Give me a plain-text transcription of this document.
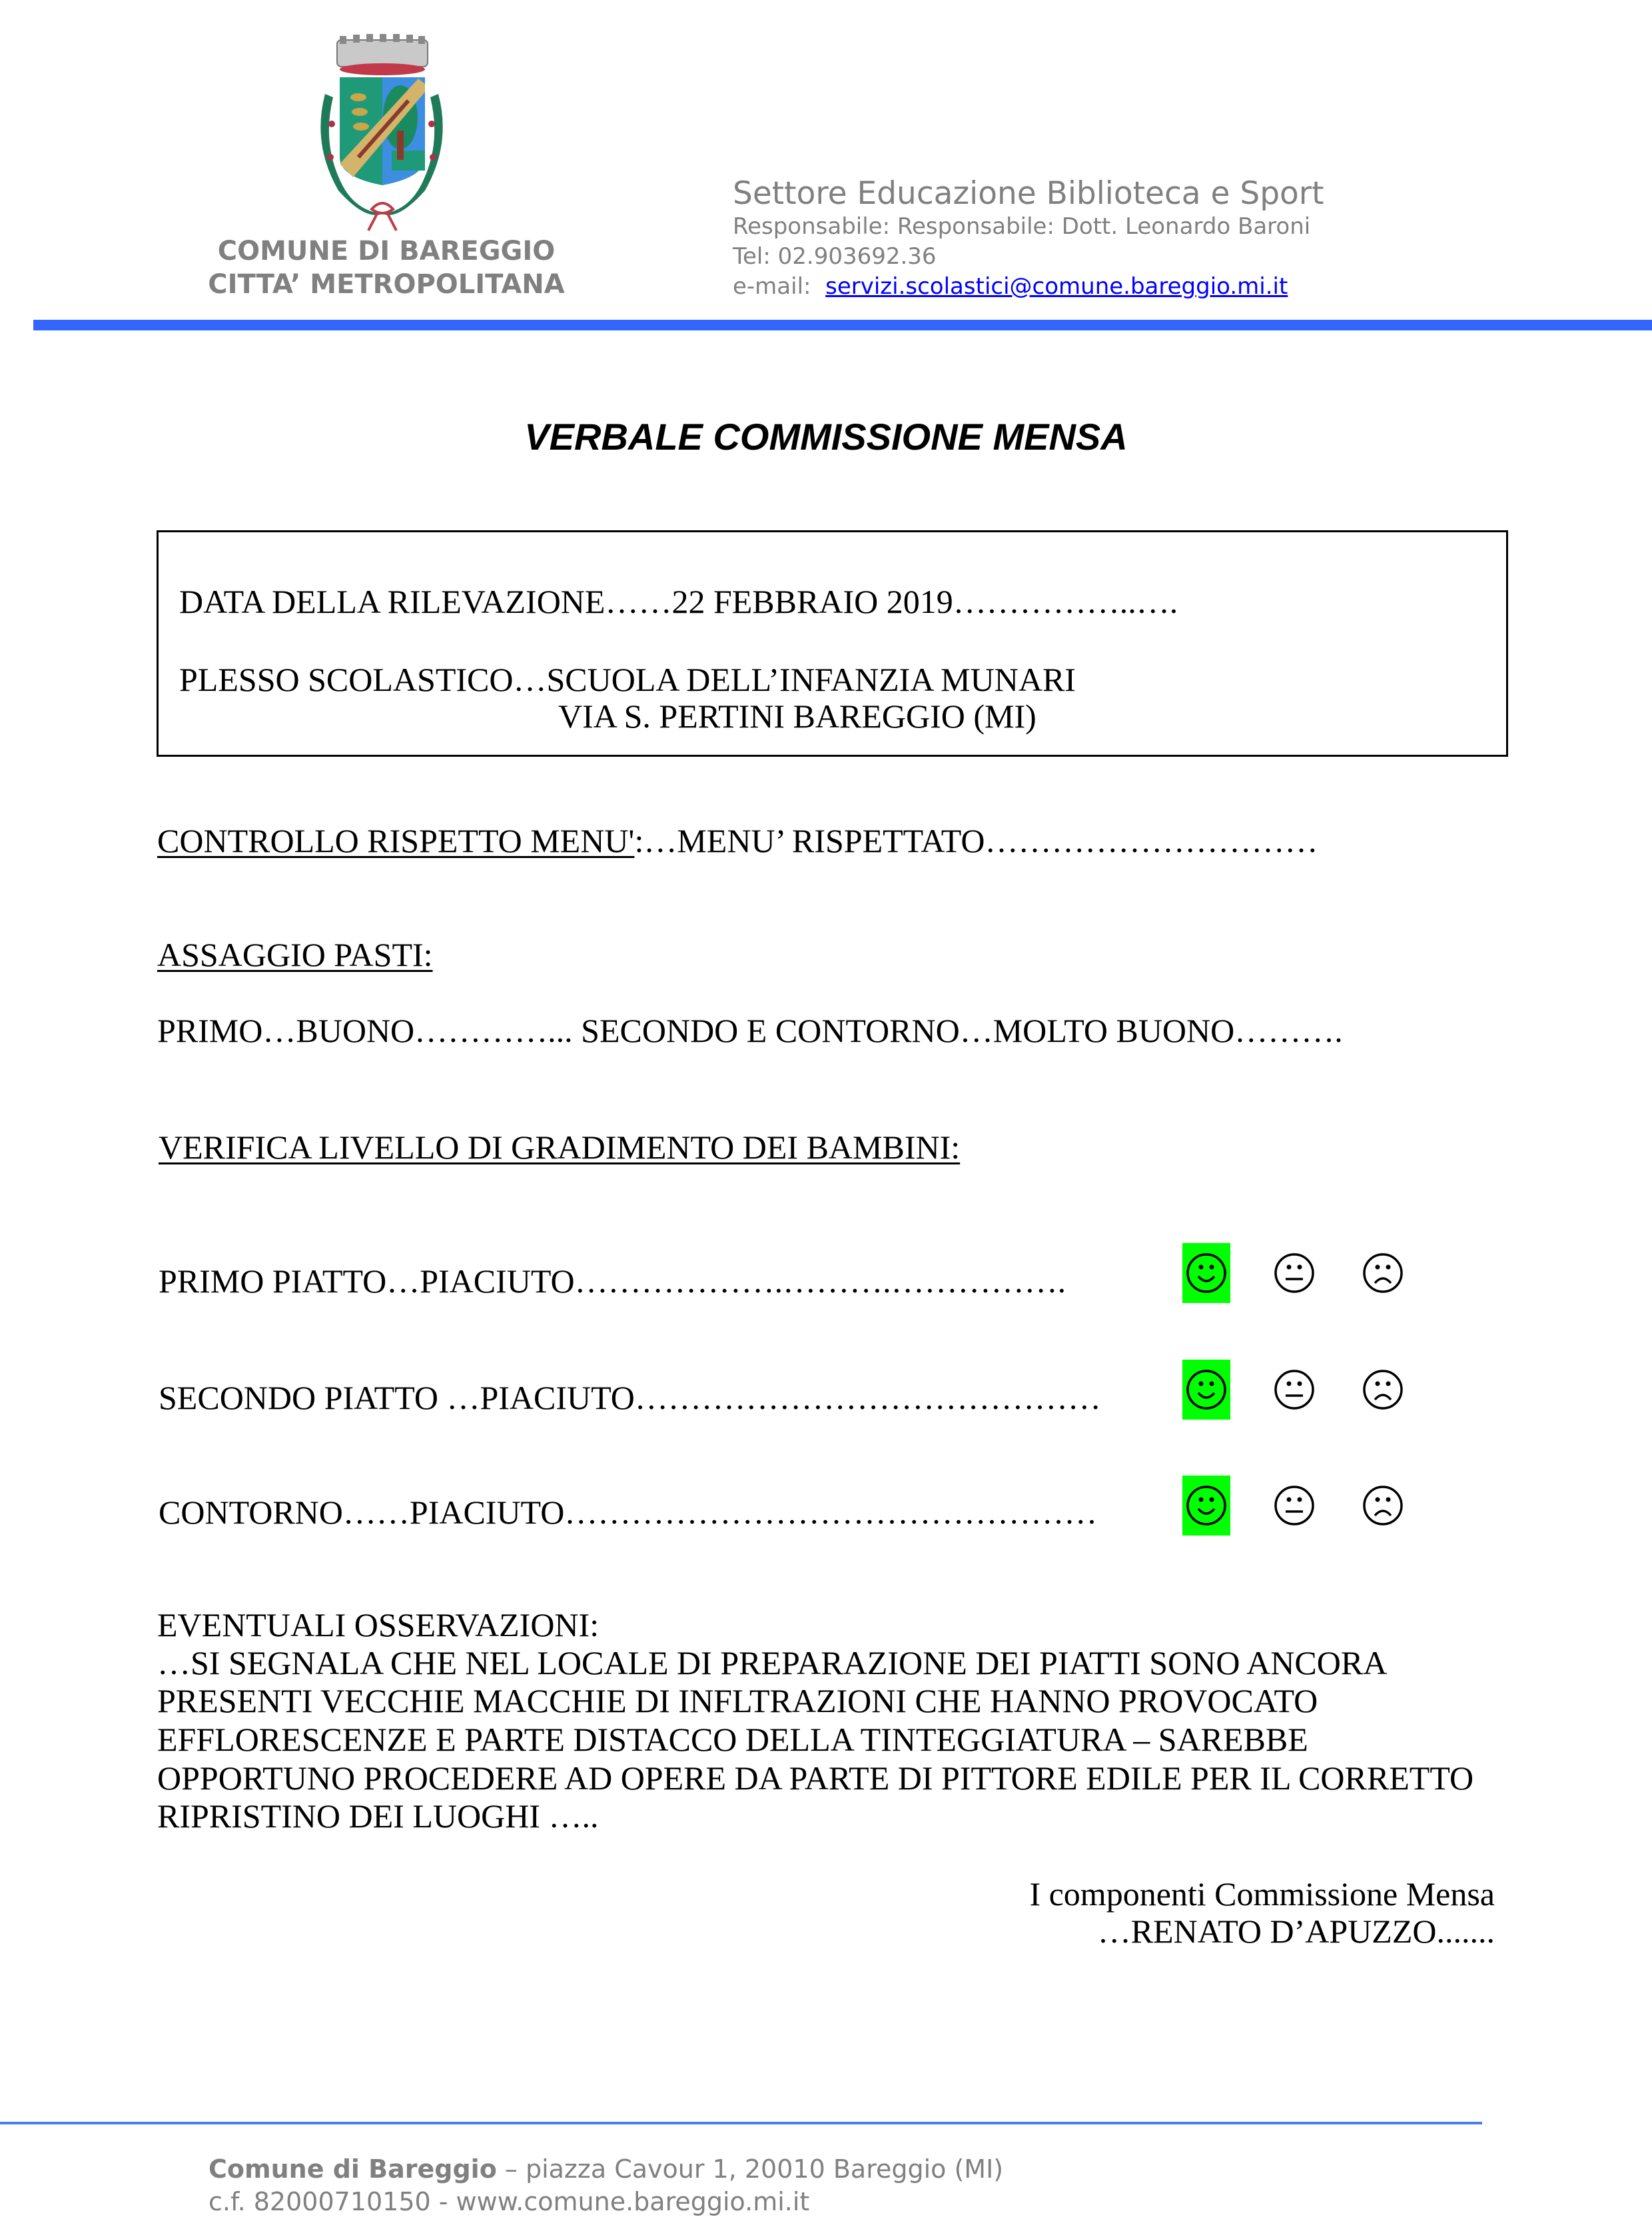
COMUNE DI BAREGGIO
CITTA’ METROPOLITANA
Settore Educazione Biblioteca e Sport
Responsabile: Responsabile: Dott. Leonardo Baroni
Tel: 02.903692.36
e-mail: servizi.scolastici@comune.bareggio.mi.it
VERBALE COMMISSIONE MENSA
DATA DELLA RILEVAZIONE……22 FEBBRAIO 2019……………..….
PLESSO SCOLASTICO…SCUOLA DELL’INFANZIA MUNARI
VIA S. PERTINI BAREGGIO (MI)
CONTROLLO RISPETTO MENU':…MENU’ RISPETTATO…………………………
ASSAGGIO PASTI:
PRIMO…BUONO…………... SECONDO E CONTORNO…MOLTO BUONO……….
VERIFICA LIVELLO DI GRADIMENTO DEI BAMBINI:
PRIMO PIATTO…PIACIUTO……………….……….…………….
SECONDO PIATTO …PIACIUTO……………………………………
CONTORNO……PIACIUTO…………………………………………
EVENTUALI OSSERVAZIONI:
…SI SEGNALA CHE NEL LOCALE DI PREPARAZIONE DEI PIATTI SONO ANCORA
PRESENTI VECCHIE MACCHIE DI INFLTRAZIONI CHE HANNO PROVOCATO
EFFLORESCENZE E PARTE DISTACCO DELLA TINTEGGIATURA – SAREBBE
OPPORTUNO PROCEDERE AD OPERE DA PARTE DI PITTORE EDILE PER IL CORRETTO
RIPRISTINO DEI LUOGHI …..
I componenti Commissione Mensa
…RENATO D’APUZZO.......
Comune di Bareggio – piazza Cavour 1, 20010 Bareggio (MI)
c.f. 82000710150 - www.comune.bareggio.mi.it
